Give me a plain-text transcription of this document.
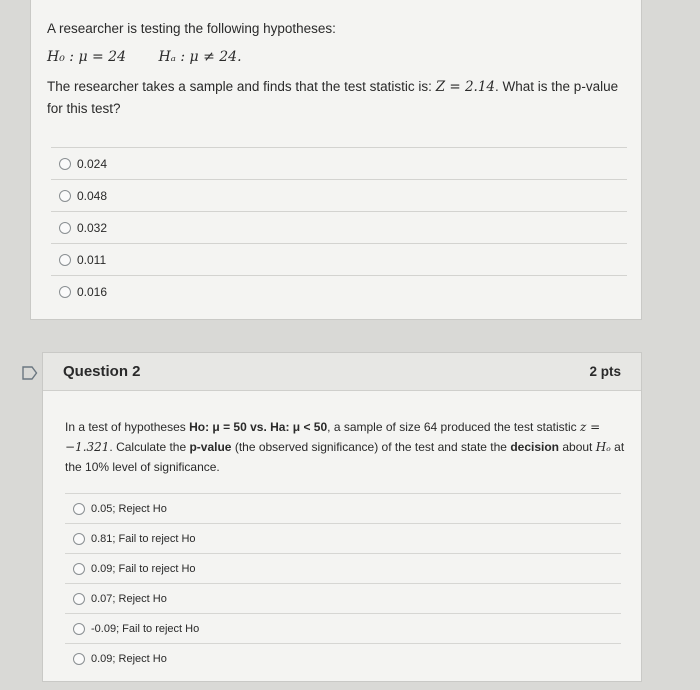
A researcher is testing the following hypotheses:
H₀ : μ = 24 Hₐ : μ ≠ 24.
The researcher takes a sample and finds that the test statistic is: Z = 2.14. What is the p-value for this test?
0.024
0.048
0.032
0.011
0.016
Question 2	2 pts
In a test of hypotheses Ho: μ = 50 vs. Ha: μ < 50, a sample of size 64 produced the test statistic z = −1.321. Calculate the p-value (the observed significance) of the test and state the decision about Hₒ at the 10% level of significance.
0.05; Reject Ho
0.81; Fail to reject Ho
0.09; Fail to reject Ho
0.07; Reject Ho
-0.09; Fail to reject Ho
0.09; Reject Ho
